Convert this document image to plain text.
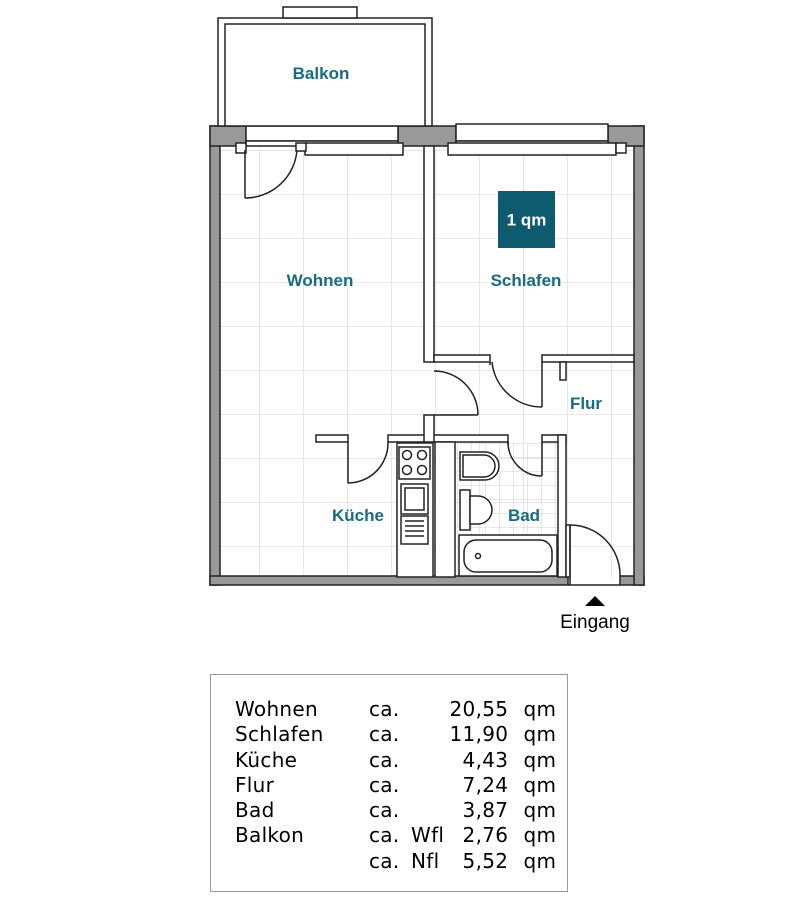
1 qm
Balkon
Wohnen	Schlafen
Flur
Küche	Bad
Eingang
Wohnen	ca.		20,55	qm
Schlafen	ca.		11,90	qm
Küche	ca.		4,43	qm
Flur	ca.		7,24	qm
Bad	ca.		3,87	qm
Balkon	ca.	Wfl	2,76	qm
	ca.	Nfl	5,52	qm
